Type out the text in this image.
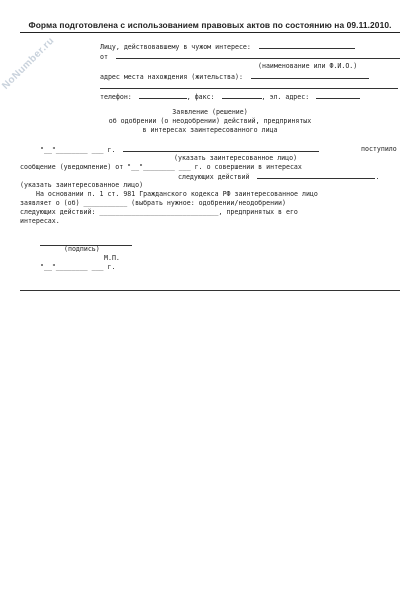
Форма подготовлена с использованием правовых актов по состоянию на 09.11.2010.
NoNumber.ru	Лицу, действовавшему в чужом интересе:
от
(наименование или Ф.И.О.)
адрес места нахождения (жительства):
телефон:	, факс:	, эл. адрес:
Заявление (решение)
об одобрении (о неодобрении) действий, предпринятых
в интересах заинтересованного лица
"__"________ ___ г.	поступило
(указать заинтересованное лицо)
сообщение (уведомление) от "__"________ ___ г. о совершении в интересах
следующих действий	.
(указать заинтересованное лицо)
На основании п. 1 ст. 981 Гражданского кодекса РФ заинтересованное лицо
заявляет о (об) ___________ (выбрать нужное: одобрении/неодобрении)
следующих действий: ______________________________, предпринятых в его
интересах.
(подпись)
М.П.
"__"________ ___ г.
